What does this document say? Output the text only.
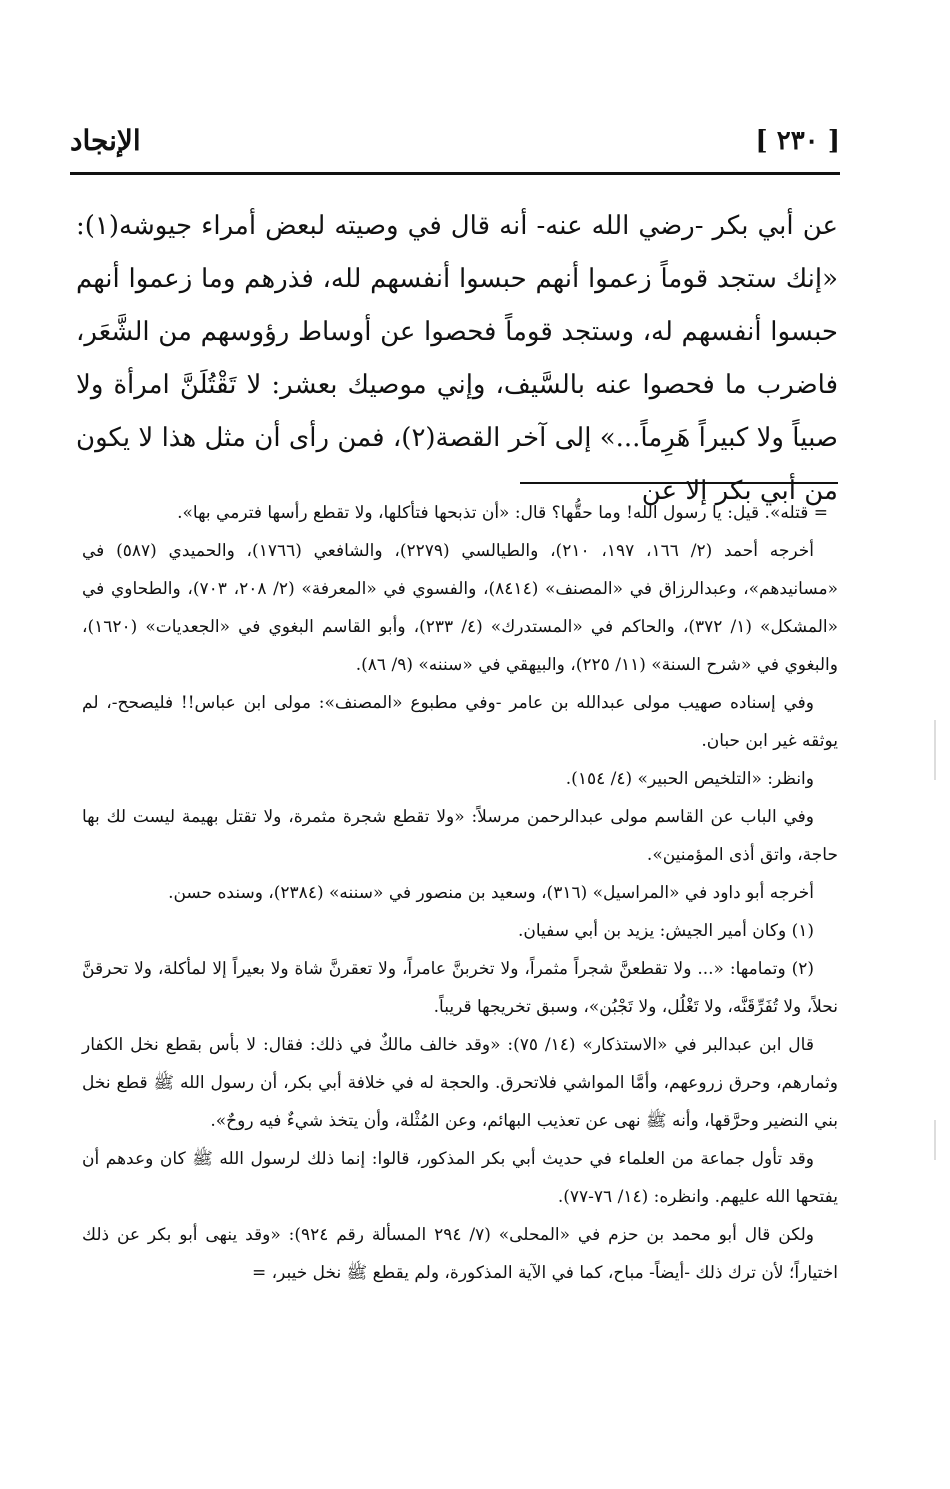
[ ٢٣٠ ]
الإنجاد

عن أبي بكر -رضي الله عنه- أنه قال في وصيته لبعض أمراء جيوشه(١): «إنك ستجد قوماً زعموا أنهم حبسوا أنفسهم لله، فذرهم وما زعموا أنهم حبسوا أنفسهم له، وستجد قوماً فحصوا عن أوساط رؤوسهم من الشَّعَر، فاضرب ما فحصوا عنه بالسَّيف، وإني موصيك بعشر: لا تَقْتُلَنَّ امرأة ولا صبياً ولا كبيراً هَرِماً...» إلى آخر القصة(٢)، فمن رأى أن مثل هذا لا يكون من أبي بكر إلا عن

= قتله». قيل: يا رسول الله! وما حقُّها؟ قال: «أن تذبحها فتأكلها، ولا تقطع رأسها فترمي بها».

أخرجه أحمد (٢/ ١٦٦، ١٩٧، ٢١٠)، والطيالسي (٢٢٧٩)، والشافعي (١٧٦٦)، والحميدي (٥٨٧) في «مسانيدهم»، وعبدالرزاق في «المصنف» (٨٤١٤)، والفسوي في «المعرفة» (٢/ ٢٠٨، ٧٠٣)، والطحاوي في «المشكل» (١/ ٣٧٢)، والحاكم في «المستدرك» (٤/ ٢٣٣)، وأبو القاسم البغوي في «الجعديات» (١٦٢٠)، والبغوي في «شرح السنة» (١١/ ٢٢٥)، والبيهقي في «سننه» (٩/ ٨٦).

وفي إسناده صهيب مولى عبدالله بن عامر -وفي مطبوع «المصنف»: مولى ابن عباس!! فليصحح-، لم يوثقه غير ابن حبان.

وانظر: «التلخيص الحبير» (٤/ ١٥٤).

وفي الباب عن القاسم مولى عبدالرحمن مرسلاً: «ولا تقطع شجرة مثمرة، ولا تقتل بهيمة ليست لك بها حاجة، واتق أذى المؤمنين».

أخرجه أبو داود في «المراسيل» (٣١٦)، وسعيد بن منصور في «سننه» (٢٣٨٤)، وسنده حسن.

(١) وكان أمير الجيش: يزيد بن أبي سفيان.

(٢) وتمامها: «... ولا تقطعنَّ شجراً مثمراً، ولا تخربنَّ عامراً، ولا تعقرنَّ شاة ولا بعيراً إلا لمأكلة، ولا تحرقنَّ نحلاً، ولا تُفَرِّقَنَّه، ولا تَغْلُل، ولا تَجْبُن»، وسبق تخريجها قريباً.

قال ابن عبدالبر في «الاستذكار» (١٤/ ٧٥): «وقد خالف مالكٌ في ذلك: فقال: لا بأس بقطع نخل الكفار وثمارهم، وحرق زروعهم، وأمَّا المواشي فلاتحرق. والحجة له في خلافة أبي بكر، أن رسول الله ﷺ قطع نخل بني النضير وحرَّقها، وأنه ﷺ نهى عن تعذيب البهائم، وعن المُثْلة، وأن يتخذ شيءٌ فيه روحٌ».

وقد تأول جماعة من العلماء في حديث أبي بكر المذكور، قالوا: إنما ذلك لرسول الله ﷺ كان وعدهم أن يفتحها الله عليهم. وانظره: (١٤/ ٧٦-٧٧).

ولكن قال أبو محمد بن حزم في «المحلى» (٧/ ٢٩٤ المسألة رقم ٩٢٤): «وقد ينهى أبو بكر عن ذلك اختياراً؛ لأن ترك ذلك -أيضاً- مباح، كما في الآية المذكورة، ولم يقطع ﷺ نخل خيبر، =
